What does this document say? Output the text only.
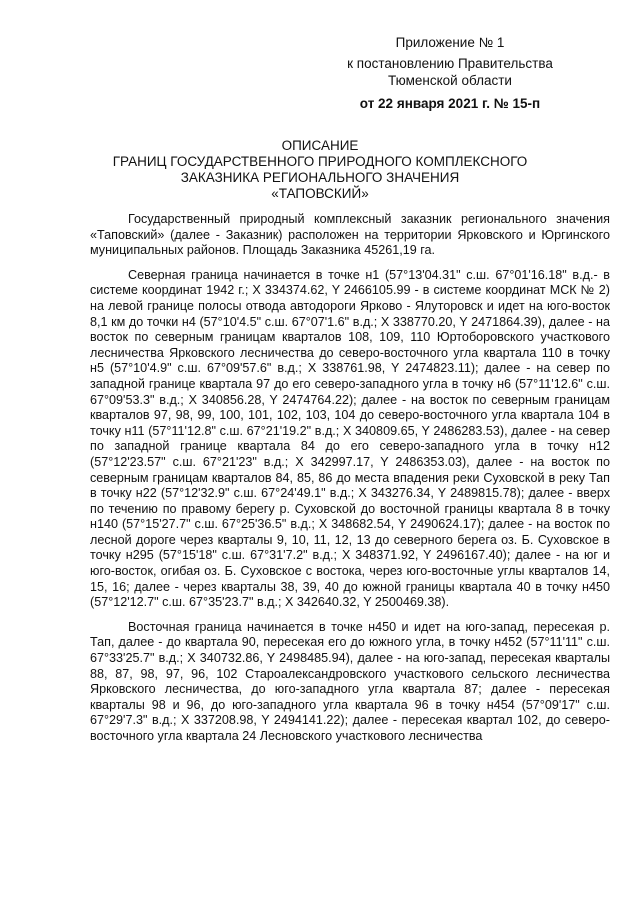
Приложение № 1
к постановлению Правительства
Тюменской области
от 22 января 2021 г. № 15-п
ОПИСАНИЕ
ГРАНИЦ ГОСУДАРСТВЕННОГО ПРИРОДНОГО КОМПЛЕКСНОГО
ЗАКАЗНИКА РЕГИОНАЛЬНОГО ЗНАЧЕНИЯ
«ТАПОВСКИЙ»

Государственный природный комплексный заказник регионального значения «Таповский» (далее - Заказник) расположен на территории Ярковского и Юргинского муниципальных районов. Площадь Заказника 45261,19 га.

Северная граница начинается в точке н1 (57°13'04.31" с.ш. 67°01'16.18" в.д.- в системе координат 1942 г.; X 334374.62, Y 2466105.99 - в системе координат МСК № 2) на левой границе полосы отвода автодороги Ярково - Ялуторовск и идет на юго-восток 8,1 км до точки н4 (57°10'4.5" с.ш. 67°07'1.6" в.д.; X 338770.20, Y 2471864.39), далее - на восток по северным границам кварталов 108, 109, 110 Юртоборовского участкового лесничества Ярковского лесничества до северо-восточного угла квартала 110 в точку н5 (57°10'4.9" с.ш. 67°09'57.6" в.д.; X 338761.98, Y 2474823.11); далее - на север по западной границе квартала 97 до его северо-западного угла в точку н6 (57°11'12.6" с.ш. 67°09'53.3" в.д.; X 340856.28, Y 2474764.22); далее - на восток по северным границам кварталов 97, 98, 99, 100, 101, 102, 103, 104 до северо-восточного угла квартала 104 в точку н11 (57°11'12.8" с.ш. 67°21'19.2" в.д.; X 340809.65, Y 2486283.53), далее - на север по западной границе квартала 84 до его северо-западного угла в точку н12 (57°12'23.57" с.ш. 67°21'23" в.д.; X 342997.17, Y 2486353.03), далее - на восток по северным границам кварталов 84, 85, 86 до места впадения реки Суховской в реку Тап в точку н22 (57°12'32.9" с.ш. 67°24'49.1" в.д.; X 343276.34, Y 2489815.78); далее - вверх по течению по правому берегу р. Суховской до восточной границы квартала 8 в точку н140 (57°15'27.7" с.ш. 67°25'36.5" в.д.; X 348682.54, Y 2490624.17); далее - на восток по лесной дороге через кварталы 9, 10, 11, 12, 13 до северного берега оз. Б. Суховское в точку н295 (57°15'18" с.ш. 67°31'7.2" в.д.; X 348371.92, Y 2496167.40); далее - на юг и юго-восток, огибая оз. Б. Суховское с востока, через юго-восточные углы кварталов 14, 15, 16; далее - через кварталы 38, 39, 40 до южной границы квартала 40 в точку н450 (57°12'12.7" с.ш. 67°35'23.7" в.д.; X 342640.32, Y 2500469.38).

Восточная граница начинается в точке н450 и идет на юго-запад, пересекая р. Тап, далее - до квартала 90, пересекая его до южного угла, в точку н452 (57°11'11" с.ш. 67°33'25.7" в.д.; X 340732.86, Y 2498485.94), далее - на юго-запад, пересекая кварталы 88, 87, 98, 97, 96, 102 Староалександровского участкового сельского лесничества Ярковского лесничества, до юго-западного угла квартала 87; далее - пересекая кварталы 98 и 96, до юго-западного угла квартала 96 в точку н454 (57°09'17" с.ш. 67°29'7.3" в.д.; X 337208.98, Y 2494141.22); далее - пересекая квартал 102, до северо-восточного угла квартала 24 Лесновского участкового лесничества
